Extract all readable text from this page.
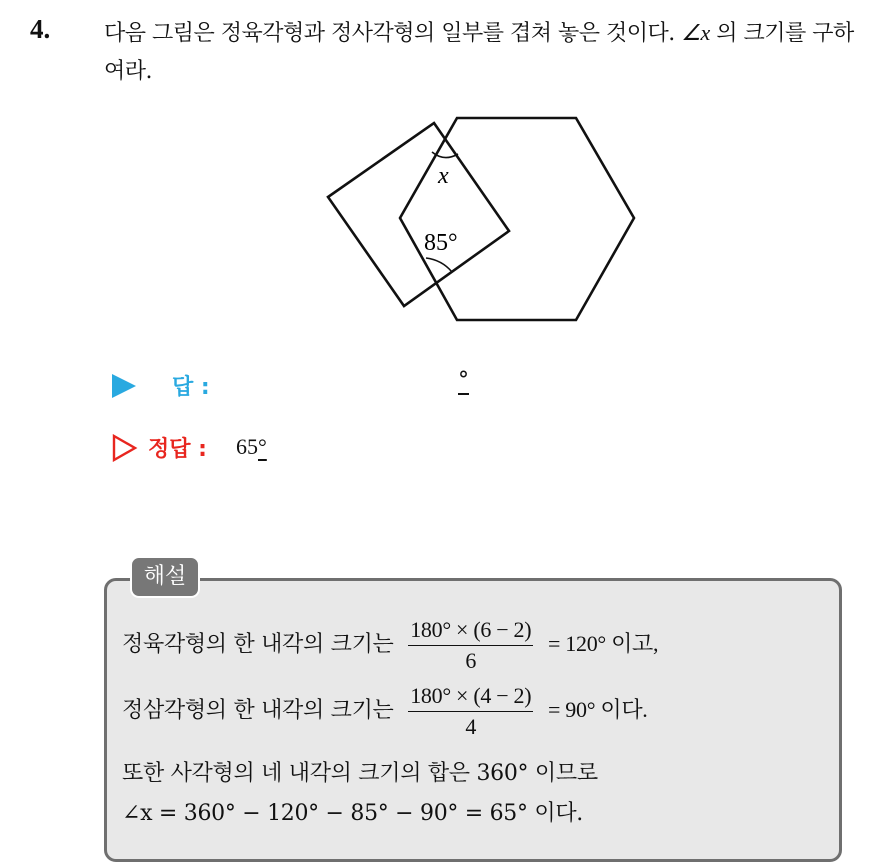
4. 다음 그림은 정육각형과 정사각형의 일부를 겹쳐 놓은 것이다. ∠x 의 크기를 구하여라.
x
85°
답 :	°
정답 : 65°
해설
정육각형의 한 내각의 크기는 $\frac{180^\circ \times (6 - 2)}{6} = 120^\circ$ 이고,
정삼각형의 한 내각의 크기는 $\frac{180^\circ \times (4 - 2)}{4} = 90^\circ$ 이다.
또한 사각형의 네 내각의 크기의 합은 360° 이므로
∠x = 360° − 120° − 85° − 90° = 65° 이다.
